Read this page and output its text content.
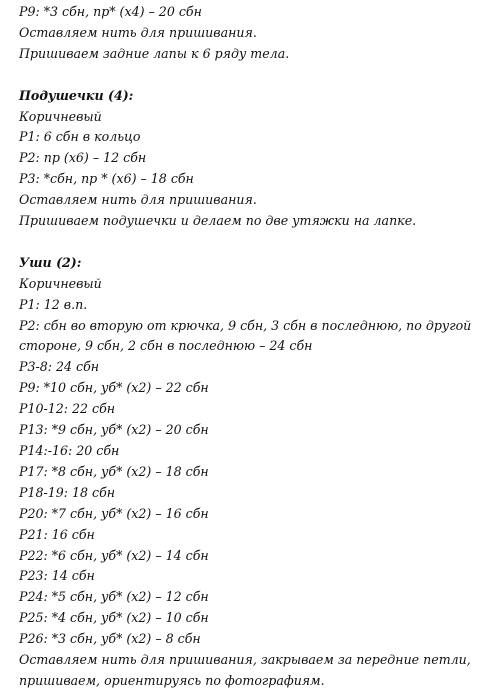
Р9: *3 сбн, пр* (х4) – 20 сбн
Оставляем нить для пришивания.
Пришиваем задние лапы к 6 ряду тела.
Подушечки (4):
Коричневый
Р1: 6 сбн в кольцо
Р2: пр (х6) – 12 сбн
Р3: *сбн, пр * (х6) – 18 сбн
Оставляем нить для пришивания.
Пришиваем подушечки и делаем по две утяжки на лапке.
Уши (2):
Коричневый
Р1: 12 в.п.
Р2: сбн во вторую от крючка, 9 сбн, 3 сбн в последнюю, по другой
стороне, 9 сбн, 2 сбн в последнюю – 24 сбн
Р3-8: 24 сбн
Р9: *10 сбн, уб* (х2) – 22 сбн
Р10-12: 22 сбн
Р13: *9 сбн, уб* (х2) – 20 сбн
Р14:-16: 20 сбн
Р17: *8 сбн, уб* (х2) – 18 сбн
Р18-19: 18 сбн
Р20: *7 сбн, уб* (х2) – 16 сбн
Р21: 16 сбн
Р22: *6 сбн, уб* (х2) – 14 сбн
Р23: 14 сбн
Р24: *5 сбн, уб* (х2) – 12 сбн
Р25: *4 сбн, уб* (х2) – 10 сбн
Р26: *3 сбн, уб* (х2) – 8 сбн
Оставляем нить для пришивания, закрываем за передние петли,
пришиваем, ориентируясь по фотографиям.
